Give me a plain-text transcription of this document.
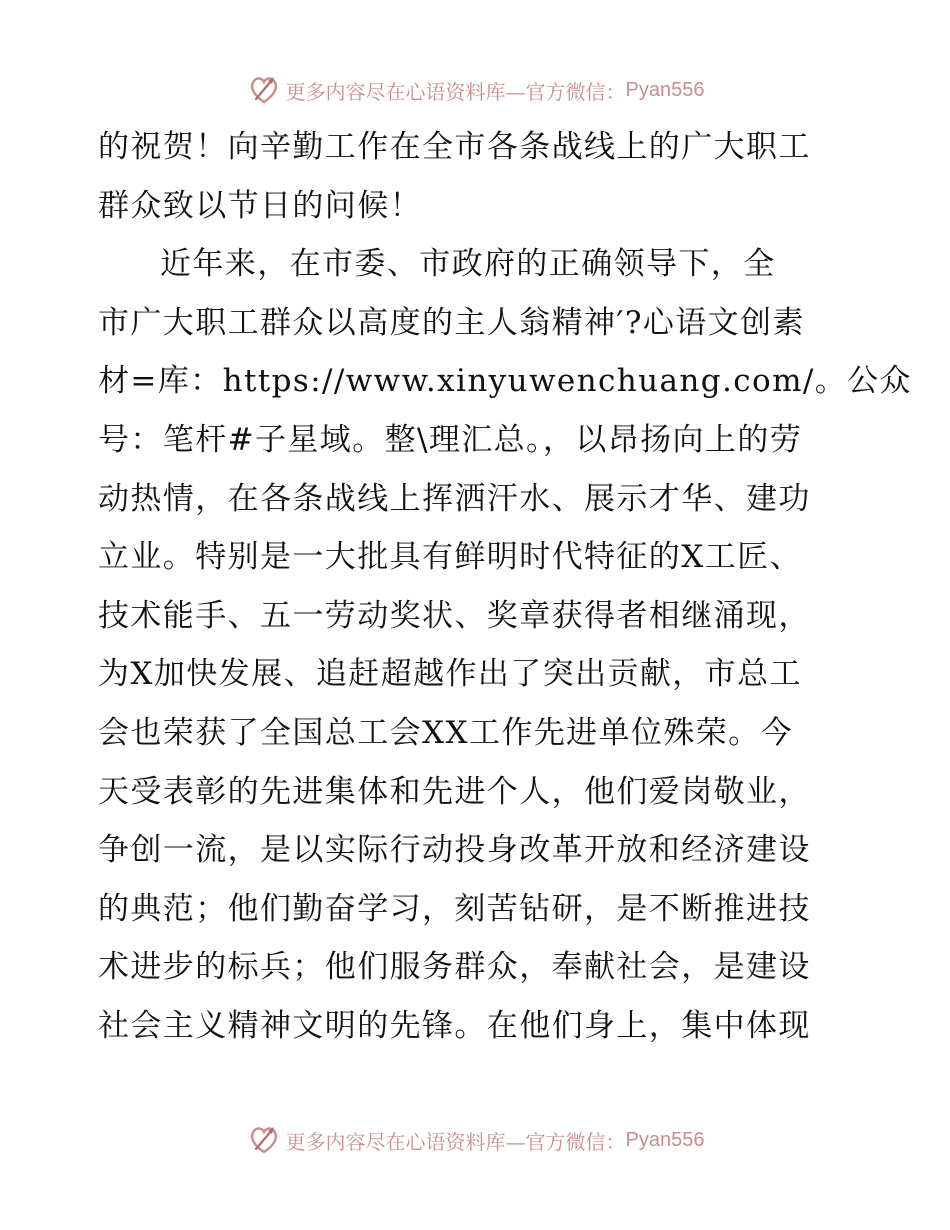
更多内容尽在心语资料库—官方微信： Pyan556

的祝贺！向辛勤工作在全市各条战线上的广大职工
群众致以节日的问候！

近年来，在市委、市政府的正确领导下，全
市广大职工群众以高度的主人翁精神′?心语文创素
材=库：https://www.xinyuwenchuang.com/。公众
号：笔杆#子星域。整\理汇总。，以昂扬向上的劳
动热情，在各条战线上挥洒汗水、展示才华、建功
立业。特别是一大批具有鲜明时代特征的X工匠、
技术能手、五一劳动奖状、奖章获得者相继涌现，
为X加快发展、追赶超越作出了突出贡献，市总工
会也荣获了全国总工会XX工作先进单位殊荣。今
天受表彰的先进集体和先进个人，他们爱岗敬业，
争创一流，是以实际行动投身改革开放和经济建设
的典范；他们勤奋学习，刻苦钻研，是不断推进技
术进步的标兵；他们服务群众，奉献社会，是建设
社会主义精神文明的先锋。在他们身上，集中体现

更多内容尽在心语资料库—官方微信： Pyan556
